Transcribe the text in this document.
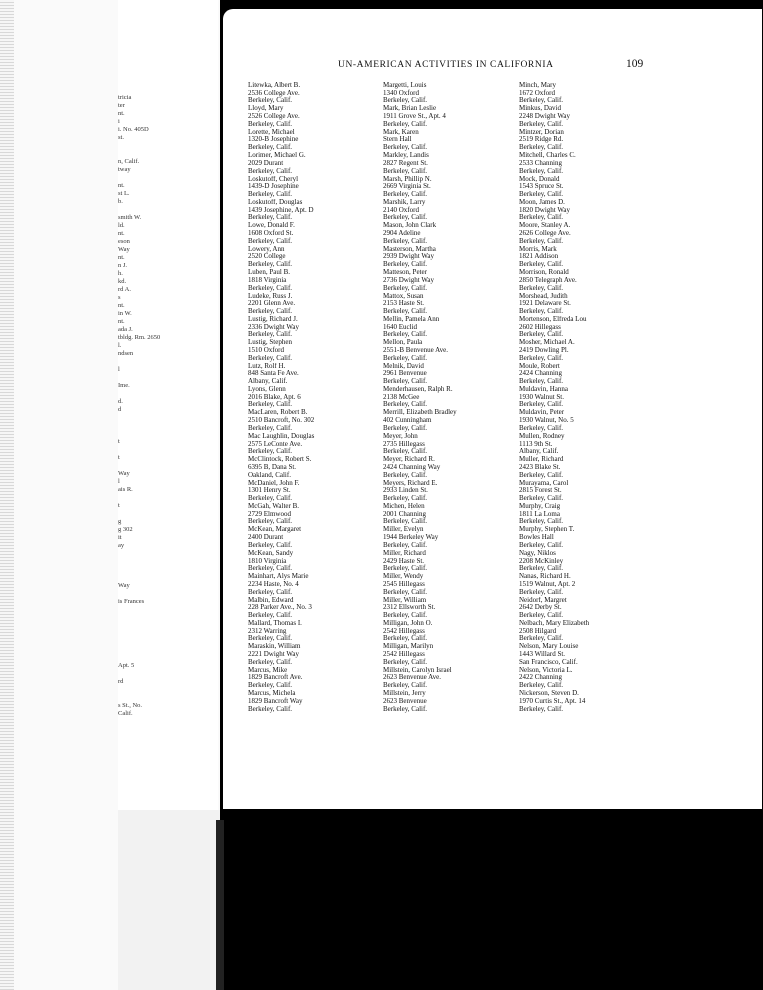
tricia
ter
nt.
i
i. No. 405D
st.
n, Calif.
tway
nt.
st L.
b.
smith W.
ld.
nt.
eson
Way
nt.
n J.
h.
kd.
rd A.
s
nt.
in W.
nt.
ada J.
tbldg. Rm. 2650
l.
ndsen
l
Ime.
d.
d
t
t
Way
l
ais R.
t
g
g 302
it
ay
Way
is Frances
Apt. 5
rd
s St., No.
Calif.
UN-AMERICAN ACTIVITIES IN CALIFORNIA	109
Litewka, Albert B.
2536 College Ave.
Berkeley, Calif.
Lloyd, Mary
2526 College Ave.
Berkeley, Calif.
Lorette, Michael
1320-B Josephine
Berkeley, Calif.
Lorimer, Michael G.
2029 Durant
Berkeley, Calif.
Loskutoff, Cheryl
1439-D Josephine
Berkeley, Calif.
Loskutoff, Douglas
1439 Josephine, Apt. D
Berkeley, Calif.
Lowe, Donald F.
1608 Oxford St.
Berkeley, Calif.
Lowery, Ann
2520 College
Berkeley, Calif.
Luben, Paul B.
1818 Virginia
Berkeley, Calif.
Ludeke, Russ J.
2201 Glenn Ave.
Berkeley, Calif.
Lustig, Richard J.
2336 Dwight Way
Berkeley, Calif.
Lustig, Stephen
1510 Oxford
Berkeley, Calif.
Lutz, Rolf H.
848 Santa Fe Ave.
Albany, Calif.
Lyons, Glenn
2016 Blake, Apt. 6
Berkeley, Calif.
MacLaren, Robert B.
2510 Bancroft, No. 302
Berkeley, Calif.
Mac Laughlin, Douglas
2575 LeConte Ave.
Berkeley, Calif.
McClintock, Robert S.
6395 B, Dana St.
Oakland, Calif.
McDaniel, John F.
1301 Henry St.
Berkeley, Calif.
McGah, Walter B.
2729 Elmwood
Berkeley, Calif.
McKean, Margaret
2400 Durant
Berkeley, Calif.
McKean, Sandy
1810 Virginia
Berkeley, Calif.
Mainhart, Alys Marie
2234 Haste, No. 4
Berkeley, Calif.
Malbin, Edward
228 Parker Ave., No. 3
Berkeley, Calif.
Mallard, Thomas I.
2312 Warring
Berkeley, Calif.
Maraskin, William
2221 Dwight Way
Berkeley, Calif.
Marcus, Mike
1829 Bancroft Ave.
Berkeley, Calif.
Marcus, Michela
1829 Bancroft Way
Berkeley, Calif.
Margetti, Louis
1340 Oxford
Berkeley, Calif.
Mark, Brian Leslie
1911 Grove St., Apt. 4
Berkeley, Calif.
Mark, Karen
Stern Hall
Berkeley, Calif.
Markley, Landis
2827 Regent St.
Berkeley, Calif.
Marsh, Phillip N.
2669 Virginia St.
Berkeley, Calif.
Marshik, Larry
2140 Oxford
Berkeley, Calif.
Mason, John Clark
2904 Adeline
Berkeley, Calif.
Masterson, Martha
2939 Dwight Way
Berkeley, Calif.
Matteson, Peter
2736 Dwight Way
Berkeley, Calif.
Mattox, Susan
2153 Haste St.
Berkeley, Calif.
Mellin, Pamela Ann
1640 Euclid
Berkeley, Calif.
Mellon, Paula
2551-B Benvenue Ave.
Berkeley, Calif.
Melnik, David
2961 Benvenue
Berkeley, Calif.
Menderhausen, Ralph R.
2138 McGee
Berkeley, Calif.
Merrill, Elizabeth Bradley
402 Cunningham
Berkeley, Calif.
Meyer, John
2735 Hillegass
Berkeley, Calif.
Meyer, Richard R.
2424 Channing Way
Berkeley, Calif.
Meyers, Richard E.
2933 Linden St.
Berkeley, Calif.
Michen, Helen
2001 Channing
Berkeley, Calif.
Miller, Evelyn
1944 Berkeley Way
Berkeley, Calif.
Miller, Richard
2429 Haste St.
Berkeley, Calif.
Miller, Wendy
2545 Hillegass
Berkeley, Calif.
Miller, William
2312 Ellsworth St.
Berkeley, Calif.
Milligan, John O.
2542 Hillegass
Berkeley, Calif.
Milligan, Marilyn
2542 Hillegass
Berkeley, Calif.
Millstein, Carolyn Israel
2623 Benvenue Ave.
Berkeley, Calif.
Millstein, Jerry
2623 Benvenue
Berkeley, Calif.
Minch, Mary
1672 Oxford
Berkeley, Calif.
Minkus, David
2248 Dwight Way
Berkeley, Calif.
Mintzer, Dorian
2519 Ridge Rd.
Berkeley, Calif.
Mitchell, Charles C.
2533 Channing
Berkeley, Calif.
Mock, Donald
1543 Spruce St.
Berkeley, Calif.
Moon, James D.
1820 Dwight Way
Berkeley, Calif.
Moore, Stanley A.
2626 College Ave.
Berkeley, Calif.
Morris, Mark
1821 Addison
Berkeley, Calif.
Morrison, Ronald
2850 Telegraph Ave.
Berkeley, Calif.
Morshead, Judith
1921 Delaware St.
Berkeley, Calif.
Mortenson, Elfreda Lou
2602 Hillegass
Berkeley, Calif.
Mosher, Michael A.
2419 Dowling Pl.
Berkeley, Calif.
Moule, Robert
2424 Channing
Berkeley, Calif.
Muldavin, Hanna
1930 Walnut St.
Berkeley, Calif.
Muldavin, Peter
1930 Walnut, No. 5
Berkeley, Calif.
Mullen, Rodney
1113 9th St.
Albany, Calif.
Muller, Richard
2423 Blake St.
Berkeley, Calif.
Murayama, Carol
2815 Forest St.
Berkeley, Calif.
Murphy, Craig
1811 La Loma
Berkeley, Calif.
Murphy, Stephen T.
Bowles Hall
Berkeley, Calif.
Nagy, Niklos
2208 McKinley
Berkeley, Calif.
Nanas, Richard H.
1519 Walnut, Apt. 2
Berkeley, Calif.
Neidorf, Margret
2642 Derby St.
Berkeley, Calif.
Nelbach, Mary Elizabeth
2508 Hilgard
Berkeley, Calif.
Nelson, Mary Louise
1443 Willard St.
San Francisco, Calif.
Nelson, Victoria L.
2422 Channing
Berkeley, Calif.
Nickerson, Steven D.
1970 Curtis St., Apt. 14
Berkeley, Calif.
